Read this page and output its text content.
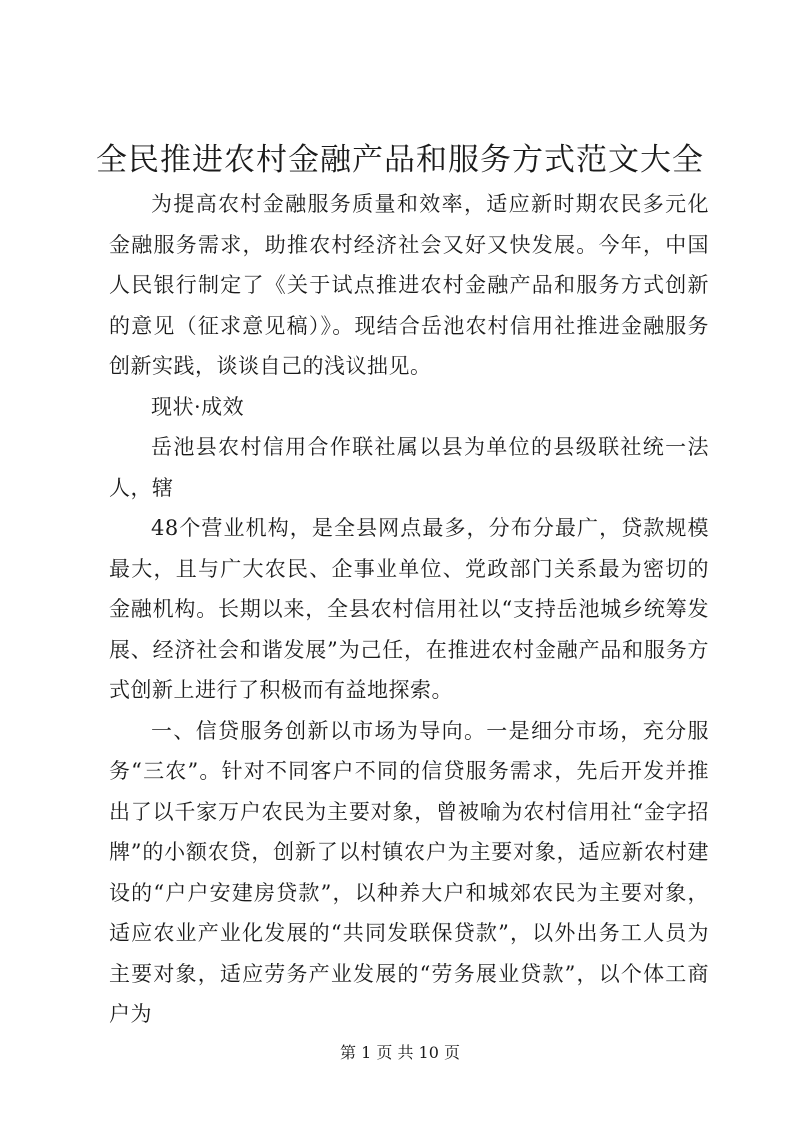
全民推进农村金融产品和服务方式范文大全

为提高农村金融服务质量和效率，适应新时期农民多元化金融服务需求，助推农村经济社会又好又快发展。今年，中国人民银行制定了《关于试点推进农村金融产品和服务方式创新的意见（征求意见稿）》。现结合岳池农村信用社推进金融服务创新实践，谈谈自己的浅议拙见。

现状·成效

岳池县农村信用合作联社属以县为单位的县级联社统一法人，辖

48个营业机构，是全县网点最多，分布分最广，贷款规模最大，且与广大农民、企事业单位、党政部门关系最为密切的金融机构。长期以来，全县农村信用社以“支持岳池城乡统筹发展、经济社会和谐发展”为己任，在推进农村金融产品和服务方式创新上进行了积极而有益地探索。

一、信贷服务创新以市场为导向。一是细分市场，充分服务“三农”。针对不同客户不同的信贷服务需求，先后开发并推出了以千家万户农民为主要对象，曾被喻为农村信用社“金字招牌”的小额农贷，创新了以村镇农户为主要对象，适应新农村建设的“户户安建房贷款”，以种养大户和城郊农民为主要对象，适应农业产业化发展的“共同发联保贷款”，以外出务工人员为主要对象，适应劳务产业发展的“劳务展业贷款”，以个体工商户为

第 1 页 共 10 页
